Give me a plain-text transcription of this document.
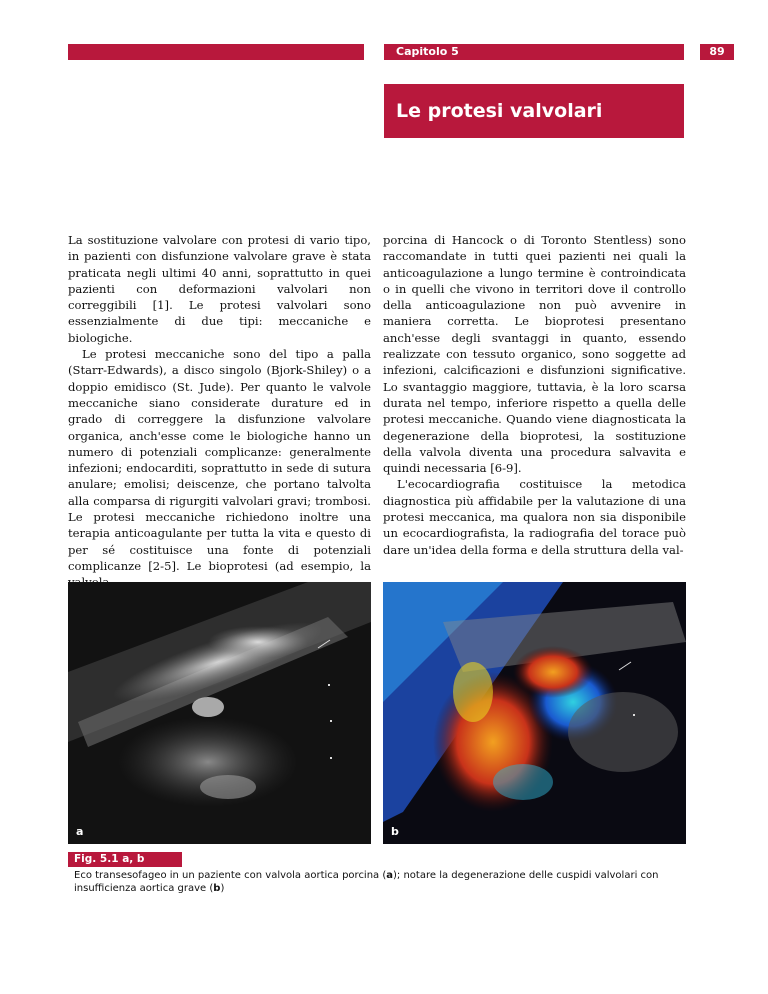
Capitolo 5	89
Le protesi valvolari

La sostituzione valvolare con protesi di vario tipo, in pazienti con disfunzione valvolare grave è stata praticata negli ultimi 40 anni, soprattutto in quei pazienti con deformazioni valvolari non correggibili [1]. Le protesi valvolari sono essenzialmente di due tipi: meccaniche e biologiche.

Le protesi meccaniche sono del tipo a palla (Starr-Edwards), a disco singolo (Bjork-Shiley) o a doppio emidisco (St. Jude). Per quanto le valvole meccaniche siano considerate durature ed in grado di correggere la disfunzione valvolare organica, anch'esse come le biologiche hanno un numero di potenziali complicanze: generalmente infezioni; endocarditi, soprattutto in sede di sutura anulare; emolisi; deiscenze, che portano talvolta alla comparsa di rigurgiti valvolari gravi; trombosi. Le protesi meccaniche richiedono inoltre una terapia anticoagulante per tutta la vita e questo di per sé costituisce una fonte di potenziali complicanze [2-5]. Le bioprotesi (ad esempio, la

porcina di Hancock o di Toronto Stentless) sono raccomandate in tutti quei pazienti nei quali la anticoagulazione a lungo termine è controindicata o in quelli che vivono in territori dove il controllo della anticoagulazione non può avvenire in maniera corretta. Le bioprotesi presentano anch'esse degli svantaggi in quanto, essendo realizzate con tessuto organico, sono soggette ad infezioni, calcificazioni e disfunzioni significative. Lo svantaggio maggiore, tuttavia, è la loro scarsa durata nel tempo, inferiore rispetto a quella delle protesi meccaniche. Quando viene diagnosticata la degenerazione della bioprotesi, la sostituzione della valvola diventa una procedura salvavita e quindi necessaria [6-9].

L'ecocardiografia costituisce la metodica diagnostica più affidabile per la valutazione di una protesi meccanica, ma qualora non sia disponibile un ecocardiografista, la radiografia del torace può dare un'idea della forma e della struttura della val-

a	b
Fig. 5.1 a, b
Eco transesofageo in un paziente con valvola aortica porcina (a); notare la degenerazione delle cuspidi valvolari con insufficienza aortica grave (b)
